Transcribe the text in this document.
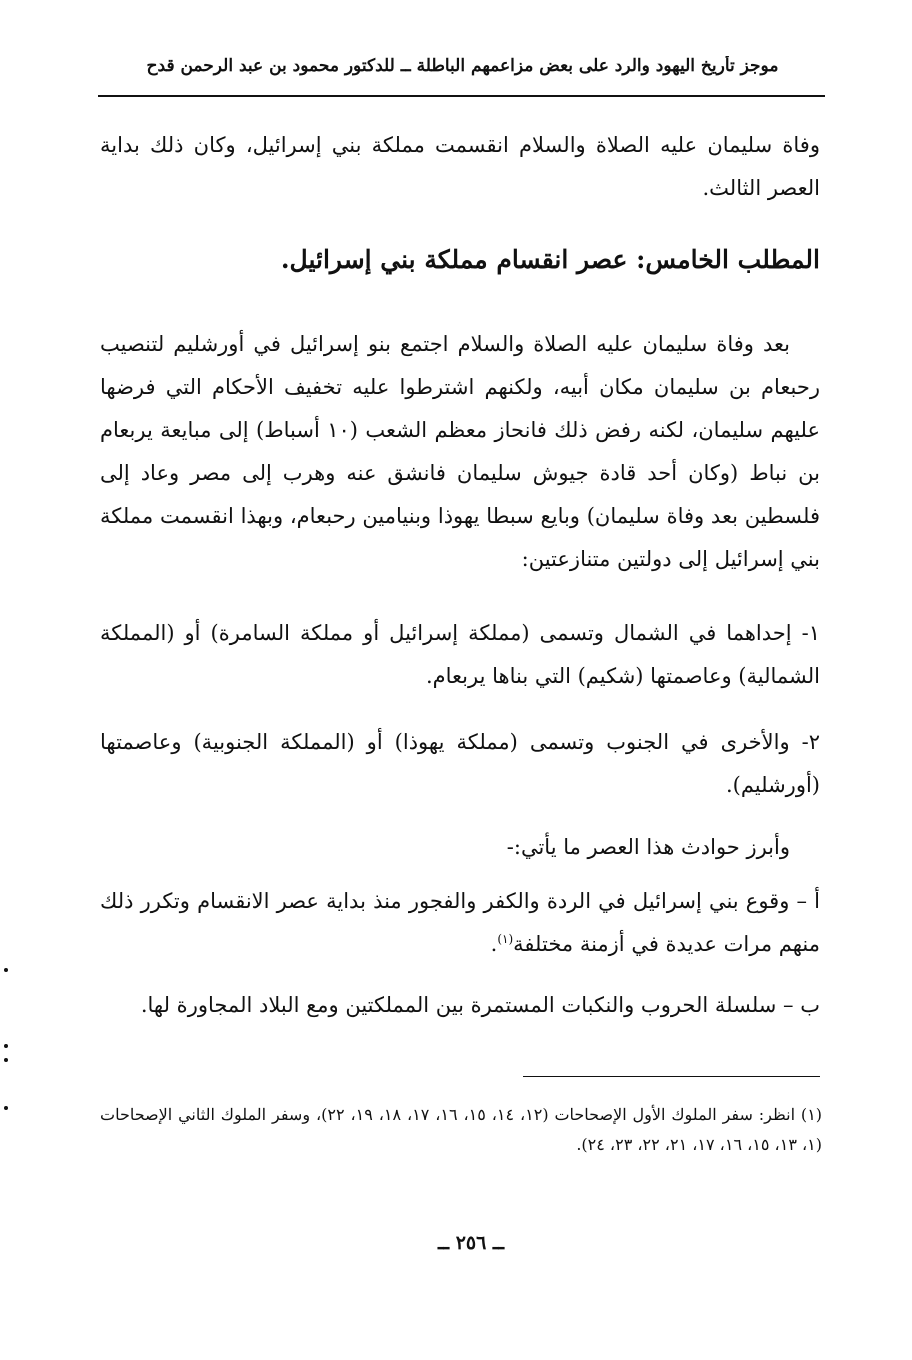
موجز تأريخ اليهود والرد على بعض مزاعمهم الباطلة ــ للدكتور محمود بن عبد الرحمن قدح

وفاة سليمان عليه الصلاة والسلام انقسمت مملكة بني إسرائيل، وكان ذلك بداية العصر الثالث.

المطلب الخامس: عصر انقسام مملكة بني إسرائيل.

بعد وفاة سليمان عليه الصلاة والسلام اجتمع بنو إسرائيل في أورشليم لتنصيب رحبعام بن سليمان مكان أبيه، ولكنهم اشترطوا عليه تخفيف الأحكام التي فرضها عليهم سليمان، لكنه رفض ذلك فانحاز معظم الشعب (١٠ أسباط) إلى مبايعة يربعام بن نباط (وكان أحد قادة جيوش سليمان فانشق عنه وهرب إلى مصر وعاد إلى فلسطين بعد وفاة سليمان) وبايع سبطا يهوذا وبنيامين رحبعام، وبهذا انقسمت مملكة بني إسرائيل إلى دولتين متنازعتين:

١- إحداهما في الشمال وتسمى (مملكة إسرائيل أو مملكة السامرة) أو (المملكة الشمالية) وعاصمتها (شكيم) التي بناها يربعام.

٢- والأخرى في الجنوب وتسمى (مملكة يهوذا) أو (المملكة الجنوبية) وعاصمتها (أورشليم).

وأبرز حوادث هذا العصر ما يأتي:-

أ – وقوع بني إسرائيل في الردة والكفر والفجور منذ بداية عصر الانقسام وتكرر ذلك منهم مرات عديدة في أزمنة مختلفة$^{(١)}$.

ب – سلسلة الحروب والنكبات المستمرة بين المملكتين ومع البلاد المجاورة لها.

(١) انظر: سفر الملوك الأول الإصحاحات (١٢، ١٤، ١٥، ١٦، ١٧، ١٨، ١٩، ٢٢)، وسفر الملوك الثاني الإصحاحات (١، ١٣، ١٥، ١٦، ١٧، ٢١، ٢٢، ٢٣، ٢٤).

ــ ٢٥٦ ــ
